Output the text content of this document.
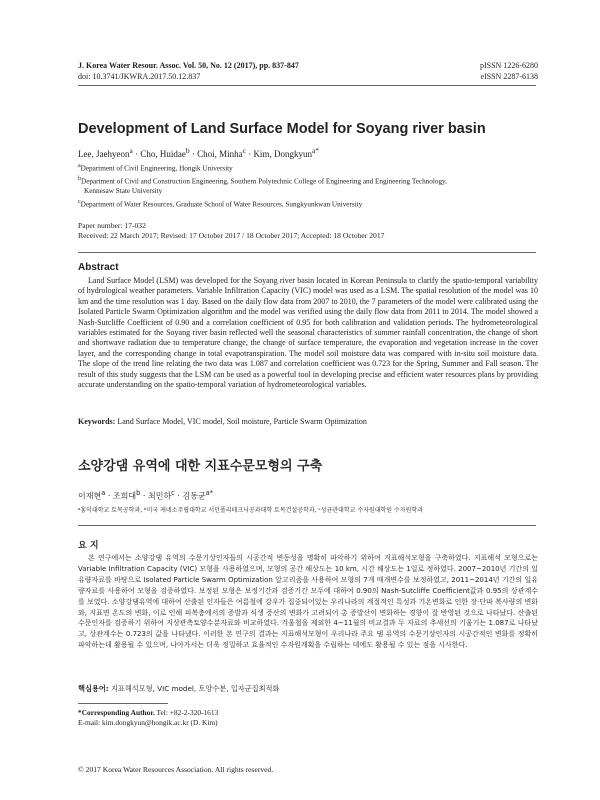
J. Korea Water Resour. Assoc. Vol. 50, No. 12 (2017), pp. 837-847	pISSN 1226-6280
doi: 10.3741/JKWRA.2017.50.12.837	eISSN 2287-6138
Development of Land Surface Model for Soyang river basin
Lee, Jaehyeon$^a$ · Cho, Huidae$^b$ · Choi, Minha$^c$ · Kim, Dongkyun$^{a*}$
$^a$Department of Civil Engineering, Hongik University
$^b$Department of Civil and Construction Engineering, Southern Polytechnic College of Engineering and Engineering Technology,
Kennesaw State University
$^c$Department of Water Resources, Graduate School of Water Resources, Sungkyunkwan University
Paper number: 17-032
Received: 22 March 2017; Revised: 17 October 2017 / 18 October 2017; Accepted: 18 October 2017
Abstract
Land Surface Model (LSM) was developed for the Soyang river basin located in Korean Peninsula to clarify the spatio-temporal variability of hydrological weather parameters. Variable Infiltration Capacity (VIC) model was used as a LSM. The spatial resolution of the model was 10 km and the time resolution was 1 day. Based on the daily flow data from 2007 to 2010, the 7 parameters of the model were calibrated using the Isolated Particle Swarm Optimization algorithm and the model was verified using the daily flow data from 2011 to 2014. The model showed a Nash-Sutcliffe Coefficient of 0.90 and a correlation coefficient of 0.95 for both calibration and validation periods. The hydrometeorological variables estimated for the Soyang river basin reflected well the seasonal characteristics of summer rainfall concentration, the change of short and shortwave radiation due to temperature change, the change of surface temperature, the evaporation and vegetation increase in the cover layer, and the corresponding change in total evapotranspiration. The model soil moisture data was compared with in-situ soil moisture data. The slope of the trend line relating the two data was 1.087 and correlation coefficient was 0.723 for the Spring, Summer and Fall season. The result of this study suggests that the LSM can be used as a powerful tool in developing precise and efficient water resources plans by providing accurate understanding on the spatio-temporal variation of hydrometeorological variables.
Keywords: Land Surface Model, VIC model, Soil moisture, Particle Swarm Optimization
소양강댐 유역에 대한 지표수문모형의 구축
이재현$^a$ · 조희대$^b$ · 최민하$^c$ · 김동균$^{a*}$
ᵃ홍익대학교 토목공학과, ᵇ미국 케네소주립대학교 서던폴리테크닉공과대학 토목건설공학과, ᶜ성균관대학교 수자원대학원 수자원학과
요 지
본 연구에서는 소양강댐 유역의 수문기상인자들의 시공간적 변동성을 명확히 파악하기 위하여 지표해석모형을 구축하였다. 지표해석 모형으로는 Variable Infiltration Capacity (VIC) 모형을 사용하였으며, 모형의 공간 해상도는 10 km, 시간 해상도는 1일로 정하였다. 2007~2010년 기간의 일유량자료를 바탕으로 Isolated Particle Swarm Optimization 알고리즘을 사용하여 모형의 7개 매개변수를 보정하였고, 2011~2014년 기간의 일유량자료를 사용하여 모형을 검증하였다. 보정된 모형은 보정기간과 검증기간 모두에 대하여 0.90의 Nash-Sutcliffe Coefficient값과 0.95의 상관계수를 보였다. 소양강댐유역에 대하여 산출된 인자들은 여름철에 강우가 집중되어있는 우리나라의 계절적인 특성과 기온변화로 인한 장·단파 복사량의 변화와, 지표면 온도의 변화, 이로 인해 피복층에서의 증발과 식생 증산의 변화가 고려되어 총 증발산이 변화하는 경향이 잘 반영된 것으로 나타났다. 산출된 수문인자를 검증하기 위하여 지상관측토양수분자료와 비교하였다. 겨울철을 제외한 4~11월의 비교결과 두 자료의 추세선의 기울기는 1.087로 나타났고, 상관계수는 0.723의 값을 나타냈다. 이러한 본 연구의 결과는 지표해석모형이 우리나라 주요 댐 유역의 수문기상인자의 시공간적인 변화를 정확히 파악하는데 활용될 수 있으며, 나아가서는 더욱 정밀하고 효율적인 수자원계획을 수립하는 데에도 활용될 수 있는 점을 시사한다.
핵심용어: 지표해석모형, VIC model, 토양수분, 입자군집최적화
*Corresponding Author. Tel: +82-2-320-1613
E-mail: kim.dongkyun@hongik.ac.kr (D. Kim)
© 2017 Korea Water Resources Association. All rights reserved.
